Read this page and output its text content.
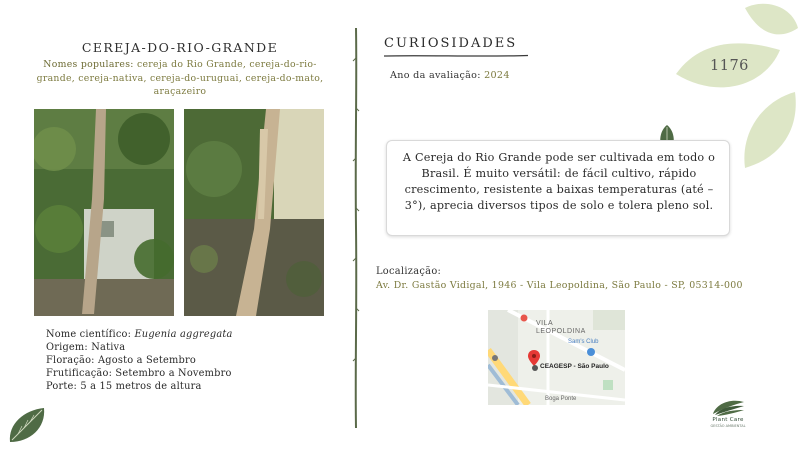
1176
CEREJA-DO-RIO-GRANDE
Nomes populares: cereja do Rio Grande, cereja-do-rio-grande, cereja-nativa, cereja-do-uruguai, cereja-do-mato, araçazeiro
Nome científico: Eugenia aggregata
Origem: Nativa
Floração: Agosto a Setembro
Frutificação: Setembro a Novembro
Porte: 5 a 15 metros de altura
CURIOSIDADES
Ano da avaliação: 2024
A Cereja do Rio Grande pode ser cultivada em todo o Brasil. É muito versátil: de fácil cultivo, rápido crescimento, resistente a baixas temperaturas (até – 3°), aprecia diversos tipos de solo e tolera pleno sol.
Localização:
Av. Dr. Gastão Vidigal, 1946 - Vila Leopoldina, São Paulo - SP, 05314-000
VILA
LEOPOLDINA
Sam's Club
CEAGESP - São Paulo
Boga Ponte
Plant Care
GESTÃO AMBIENTAL
